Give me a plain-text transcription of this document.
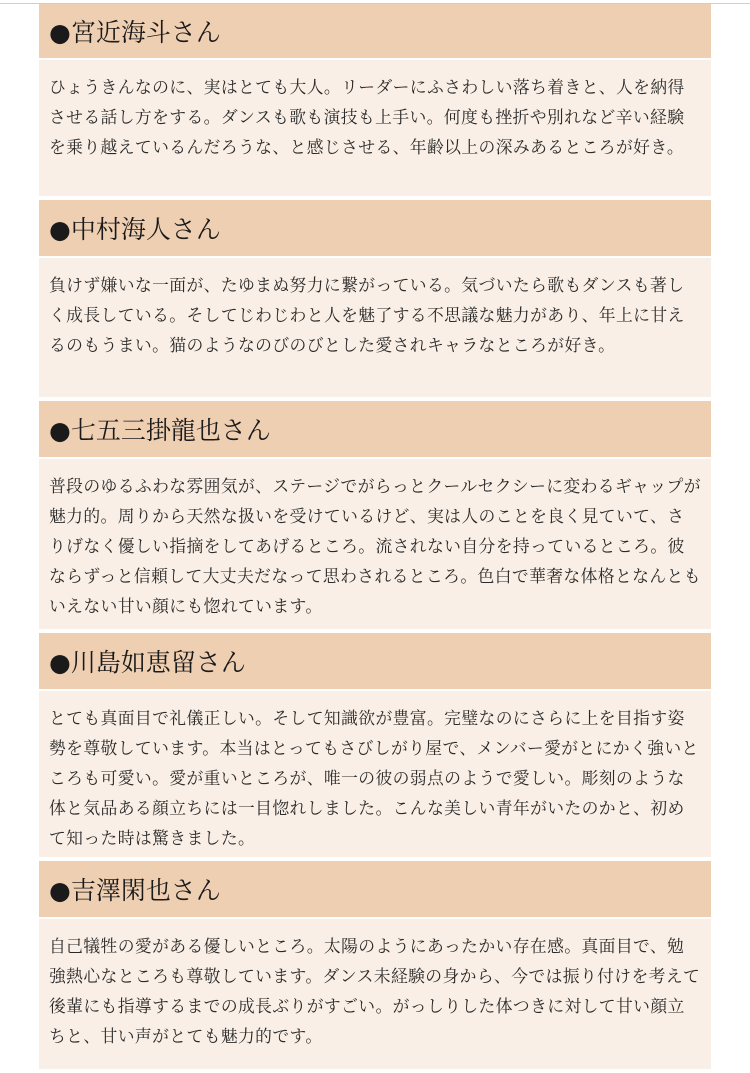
●宮近海斗さん
ひょうきんなのに、実はとても大人。リーダーにふさわしい落ち着きと、人を納得させる話し方をする。ダンスも歌も演技も上手い。何度も挫折や別れなど辛い経験を乗り越えているんだろうな、と感じさせる、年齢以上の深みあるところが好き。
●中村海人さん
負けず嫌いな一面が、たゆまぬ努力に繋がっている。気づいたら歌もダンスも著しく成長している。そしてじわじわと人を魅了する不思議な魅力があり、年上に甘えるのもうまい。猫のようなのびのびとした愛されキャラなところが好き。
●七五三掛龍也さん
普段のゆるふわな雰囲気が、ステージでがらっとクールセクシーに変わるギャップが魅力的。周りから天然な扱いを受けているけど、実は人のことを良く見ていて、さりげなく優しい指摘をしてあげるところ。流されない自分を持っているところ。彼ならずっと信頼して大丈夫だなって思わされるところ。色白で華奢な体格となんともいえない甘い顔にも惚れています。
●川島如恵留さん
とても真面目で礼儀正しい。そして知識欲が豊富。完璧なのにさらに上を目指す姿勢を尊敬しています。本当はとってもさびしがり屋で、メンバー愛がとにかく強いところも可愛い。愛が重いところが、唯一の彼の弱点のようで愛しい。彫刻のような体と気品ある顔立ちには一目惚れしました。こんな美しい青年がいたのかと、初めて知った時は驚きました。
●吉澤閑也さん
自己犠牲の愛がある優しいところ。太陽のようにあったかい存在感。真面目で、勉強熱心なところも尊敬しています。ダンス未経験の身から、今では振り付けを考えて後輩にも指導するまでの成長ぶりがすごい。がっしりした体つきに対して甘い顔立ちと、甘い声がとても魅力的です。
